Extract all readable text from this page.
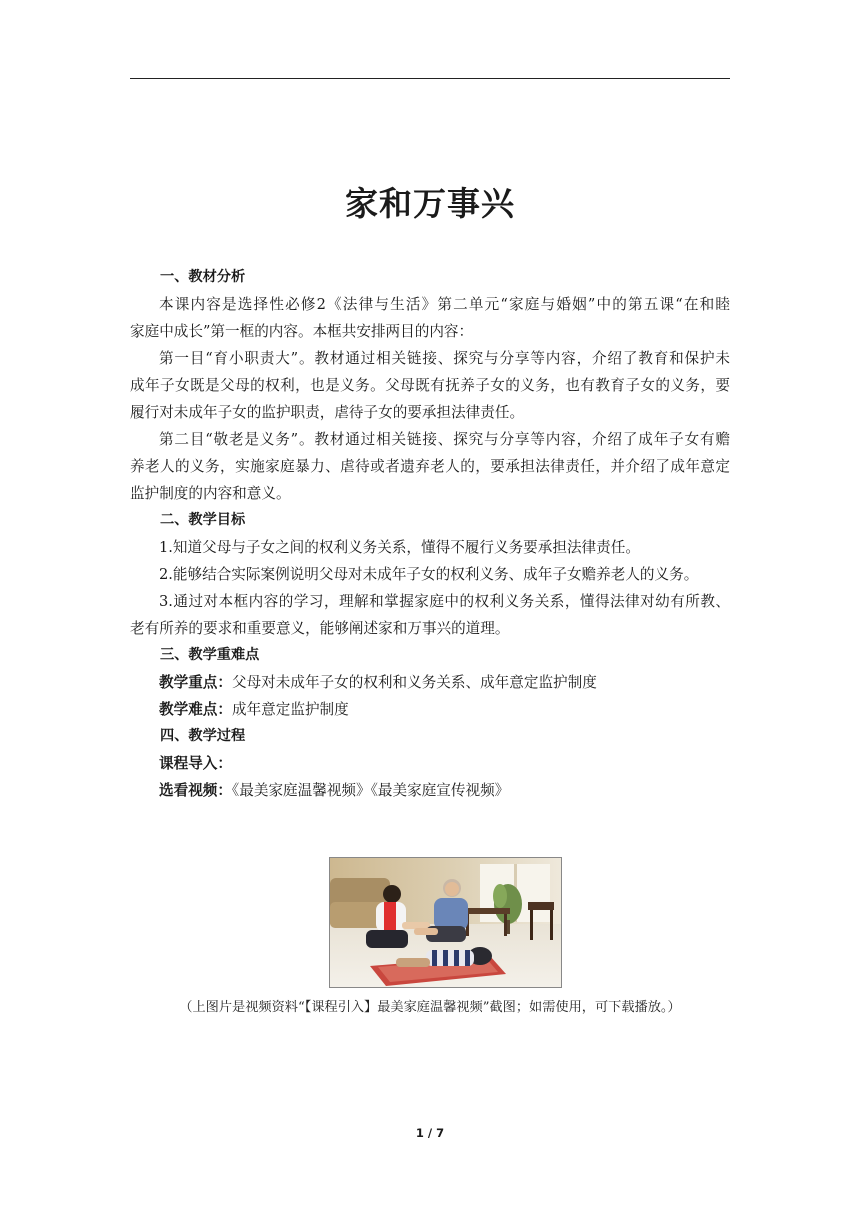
家和万事兴
一、教材分析
本课内容是选择性必修2《法律与生活》第二单元“家庭与婚姻”中的第五课“在和睦
家庭中成长”第一框的内容。本框共安排两目的内容：
第一目“育小职责大”。教材通过相关链接、探究与分享等内容，介绍了教育和保护未
成年子女既是父母的权利，也是义务。父母既有抚养子女的义务，也有教育子女的义务，要
履行对未成年子女的监护职责，虐待子女的要承担法律责任。
第二目“敬老是义务”。教材通过相关链接、探究与分享等内容，介绍了成年子女有赡
养老人的义务，实施家庭暴力、虐待或者遗弃老人的，要承担法律责任，并介绍了成年意定
监护制度的内容和意义。
二、教学目标
1.知道父母与子女之间的权利义务关系，懂得不履行义务要承担法律责任。
2.能够结合实际案例说明父母对未成年子女的权利义务、成年子女赡养老人的义务。
3.通过对本框内容的学习，理解和掌握家庭中的权利义务关系，懂得法律对幼有所教、
老有所养的要求和重要意义，能够阐述家和万事兴的道理。
三、教学重难点
教学重点：父母对未成年子女的权利和义务关系、成年意定监护制度
教学难点：成年意定监护制度
四、教学过程
课程导入：
选看视频：《最美家庭温馨视频》《最美家庭宣传视频》
（上图片是视频资料“【课程引入】最美家庭温馨视频”截图；如需使用，可下载播放。）
1 / 7
